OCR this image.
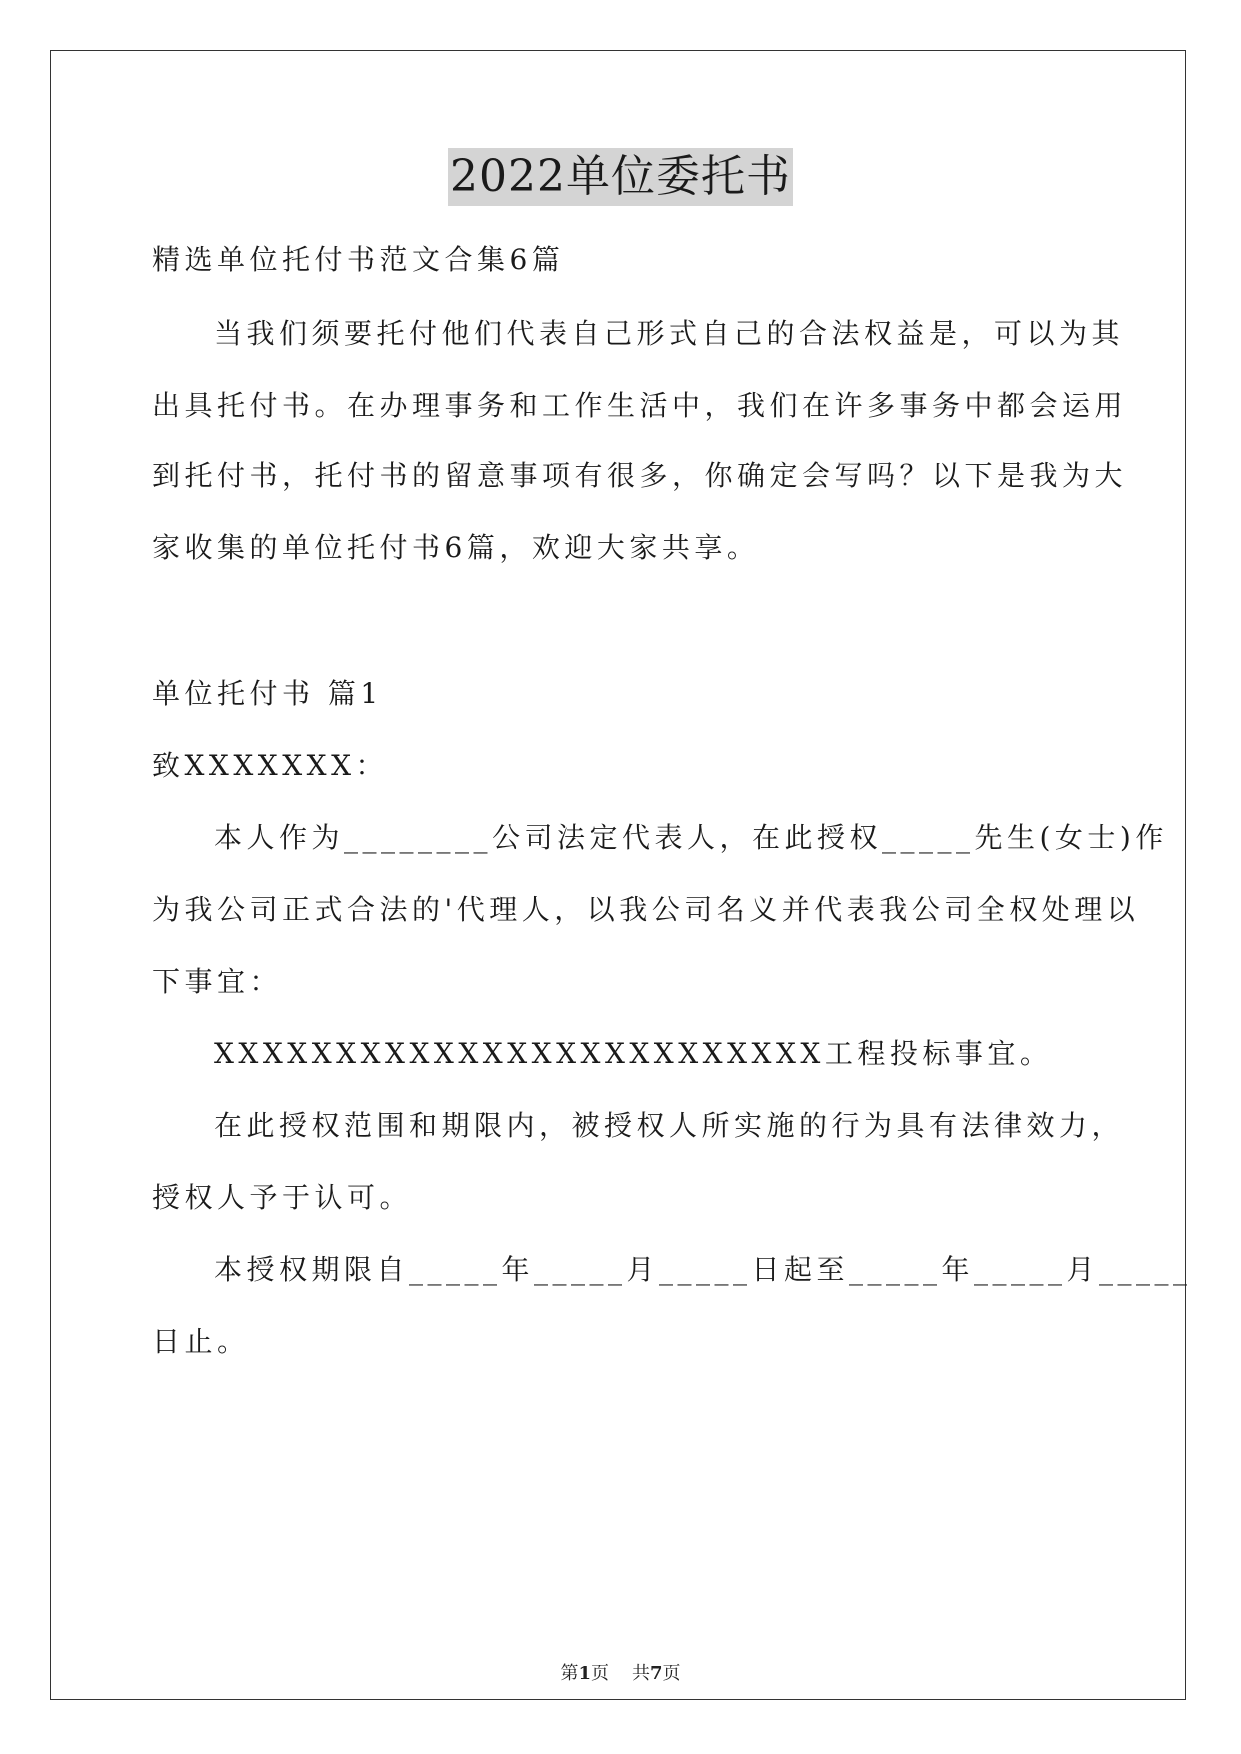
2022单位委托书
精选单位托付书范文合集6篇
当我们须要托付他们代表自己形式自己的合法权益是，可以为其
出具托付书。在办理事务和工作生活中，我们在许多事务中都会运用
到托付书，托付书的留意事项有很多，你确定会写吗？以下是我为大
家收集的单位托付书6篇，欢迎大家共享。
单位托付书 篇1
致XXXXXXX：
本人作为________公司法定代表人，在此授权_____先生(女士)作
为我公司正式合法的'代理人，以我公司名义并代表我公司全权处理以
下事宜：
XXXXXXXXXXXXXXXXXXXXXXXXX工程投标事宜。
在此授权范围和期限内，被授权人所实施的行为具有法律效力，
授权人予于认可。
本授权期限自_____年_____月_____日起至_____年_____月_____
日止。
第1页 共7页
